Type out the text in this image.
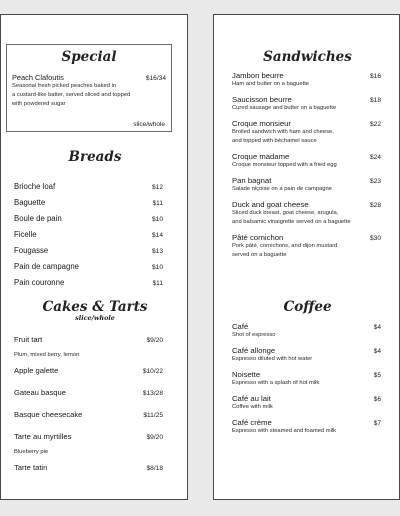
Special
Peach Clafoutis	$16/34
Seasonal fresh picked peaches baked in
a custard-like batter, served sliced and topped
with powdered sugar
slice/whole
Breads
Brioche loaf	$12
Baguette	$11
Boule de pain	$10
Ficelle	$14
Fougasse	$13
Pain de campagne	$10
Pain couronne	$11
Cakes & Tarts
slice/whole
Fruit tart	$9/20
Plum, mixed berry, lemon
Apple galette	$10/22
Gateau basque	$13/28
Basque cheesecake	$11/25
Tarte au myrtilles	$9/20
Blueberry pie
Tarte tatin	$8/18
Sandwiches
Jambon beurre	$16
Ham and butter on a baguette
Saucisson beurre	$18
Cured sausage and butter on a baguette
Croque monsieur	$22
Broiled sandwich with ham and cheese,
and topped with béchamel sauce
Croque madame	$24
Croque monsieur topped with a fried egg
Pan bagnat	$23
Salade niçoise on a pain de campagne
Duck and goat cheese	$28
Sliced duck breast, goat cheese, arugula,
and balsamic vinaigrette served on a baguette
Pâté cornichon	$30
Pork pâté, cornichons, and dijon mustard
served on a baguette
Coffee
Café	$4
Shot of espresso
Café allonge	$4
Espresso diluted with hot water
Noisette	$5
Espresso with a splash of hot milk
Café au lait	$6
Coffee with milk
Café crème	$7
Espresso with steamed and foamed milk
